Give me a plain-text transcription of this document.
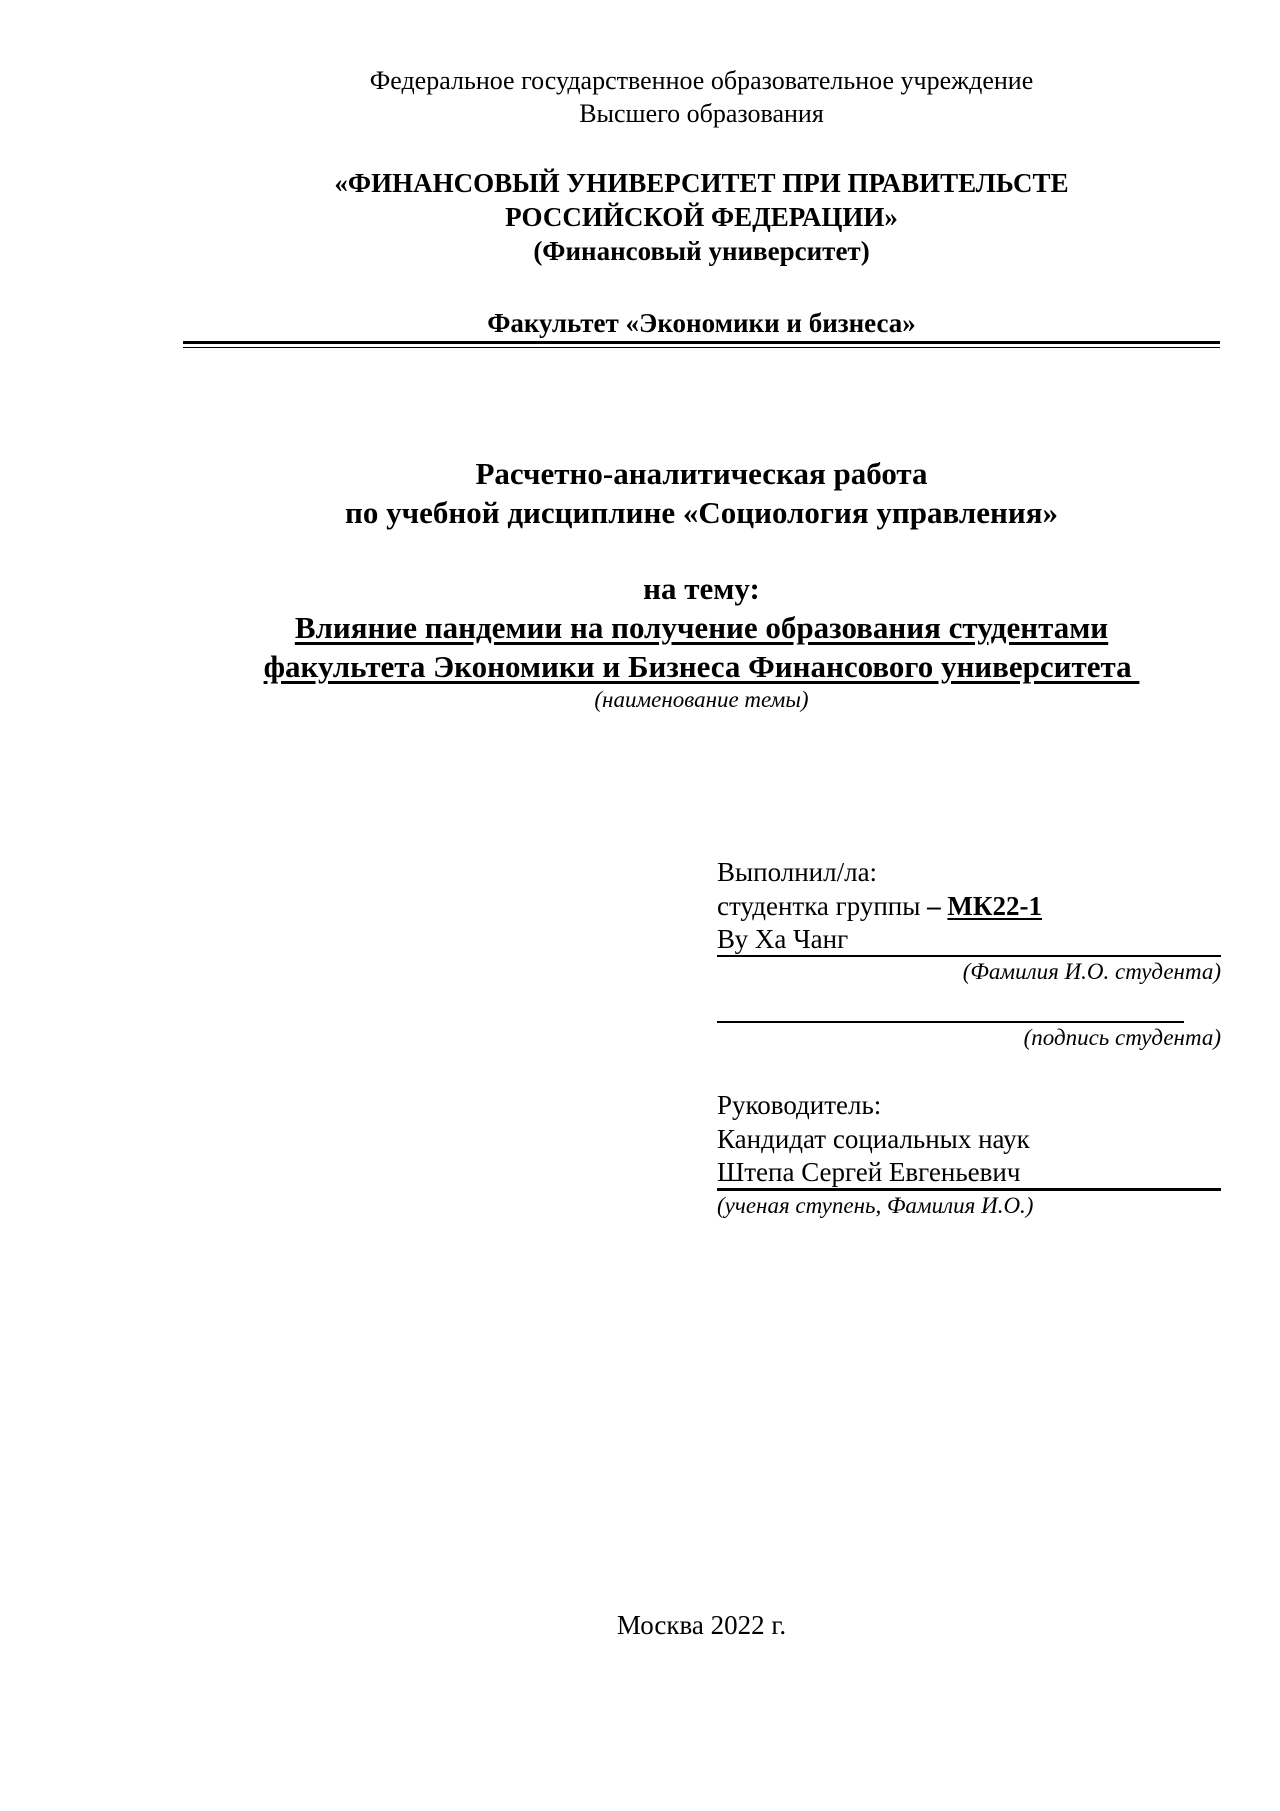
Федеральное государственное образовательное учреждение
Высшего образования
«ФИНАНСОВЫЙ УНИВЕРСИТЕТ ПРИ ПРАВИТЕЛЬСТЕ
РОССИЙСКОЙ ФЕДЕРАЦИИ»
(Финансовый университет)
Факультет «Экономики и бизнеса»
Расчетно-аналитическая работа
по учебной дисциплине «Социология управления»
на тему:
Влияние пандемии на получение образования студентами
факультета Экономики и Бизнеса Финансового университета
(наименование темы)
Выполнил/ла:
студентка группы – МК22-1
Ву Ха Чанг
(Фамилия И.О. студента)
(подпись студента)
Руководитель:
Кандидат социальных наук
Штепа Сергей Евгеньевич
(ученая ступень, Фамилия И.О.)
Москва 2022 г.
